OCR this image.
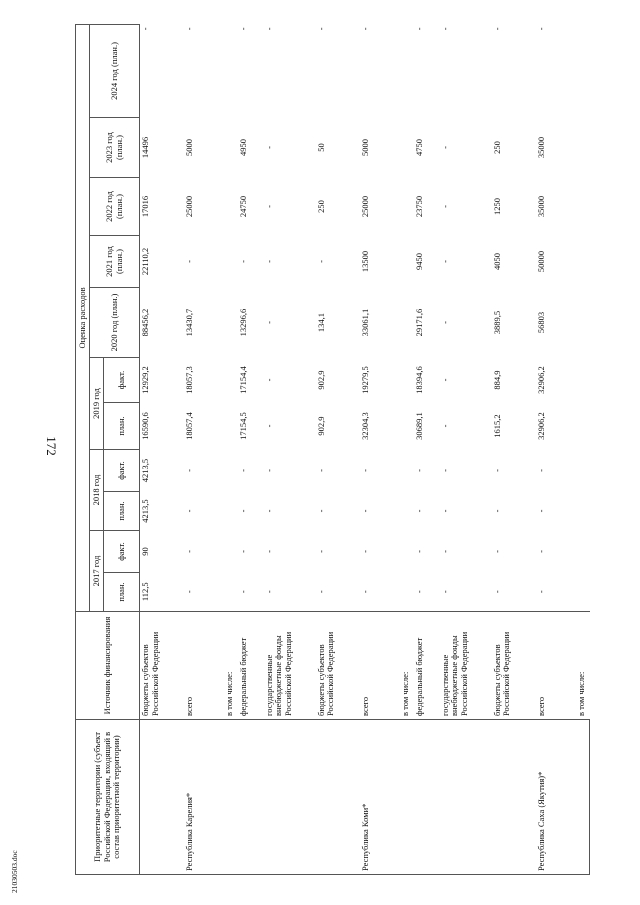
172
21030503.doc
Приоритетные территории (субъект Российской Федерации, входящий в состав приоритетной территории)	Источник финансирования	Оценка расходов										
		2017 год		2018 год		2019 год		2020 год (план.)	2021 год (план.)	2022 год (план.)	2023 год (план.)	2024 год (план.)
		план.	факт.	план.	факт.	план.	факт.					
	бюджеты субъектов Российской Федерации	112,5	90	4213,5	4213,5	16590,6	12929,2	88456,2	22110,2	17016	14496	-
Республика Карелия*	всего	-	-	-	-	18057,4	18057,3	13430,7	-	25000	5000	-
	в том числе:											
	федеральный бюджет	-	-	-	-	17154,5	17154,4	13296,6	-	24750	4950	-
	государственные внебюджетные фонды Российской Федерации	-	-	-	-	-	-	-	-	-	-	-
	бюджеты субъектов Российской Федерации	-	-	-	-	902,9	902,9	134,1	-	250	50	-
Республика Коми*	всего	-	-	-	-	32304,3	19279,5	33061,1	13500	25000	5000	-
	в том числе:											
	федеральный бюджет	-	-	-	-	30689,1	18394,6	29171,6	9450	23750	4750	-
	государственные внебюджетные фонды Российской Федерации	-	-	-	-	-	-	-	-	-	-	-
	бюджеты субъектов Российской Федерации	-	-	-	-	1615,2	884,9	3889,5	4050	1250	250	-
Республика Саха (Якутия)*	всего	-	-	-	-	32906,2	32906,2	56803	50000	35000	35000	-
	в том числе:											
